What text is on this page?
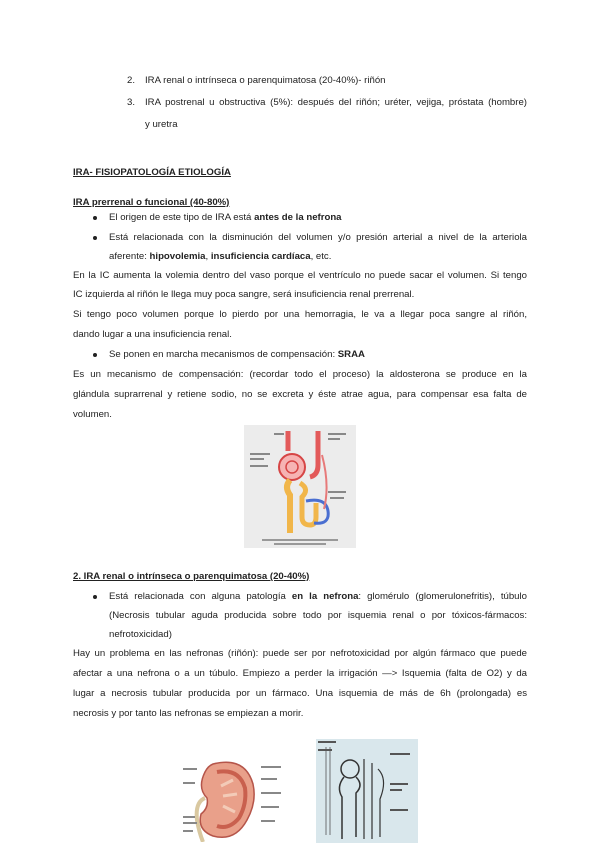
2. IRA renal o intrínseca o parenquimatosa (20-40%)- riñón
3. IRA postrenal u obstructiva (5%): después del riñón; uréter, vejiga, próstata (hombre)
y uretra
IRA- FISIOPATOLOGÍA ETIOLOGÍA
IRA prerrenal o funcional (40-80%)
El origen de este tipo de IRA está antes de la nefrona
Está relacionada con la disminución del volumen y/o presión arterial a nivel de la arteriola
aferente: hipovolemia, insuficiencia cardíaca, etc.
En la IC aumenta la volemia dentro del vaso porque el ventrículo no puede sacar el volumen. Si tengo
IC izquierda al riñón le llega muy poca sangre, será insuficiencia renal prerrenal.
Si tengo poco volumen porque lo pierdo por una hemorragia, le va a llegar poca sangre al riñón,
dando lugar a una insuficiencia renal.
Se ponen en marcha mecanismos de compensación: SRAA
Es un mecanismo de compensación: (recordar todo el proceso) la aldosterona se produce en la
glándula suprarrenal y retiene sodio, no se excreta y éste atrae agua, para compensar esa falta de
volumen.
2. IRA renal o intrínseca o parenquimatosa (20-40%)
Está relacionada con alguna patología en la nefrona: glomérulo (glomerulonefritis), túbulo
(Necrosis tubular aguda producida sobre todo por isquemia renal o por tóxicos-fármacos:
nefrotoxicidad)
Hay un problema en las nefronas (riñón): puede ser por nefrotoxicidad por algún fármaco que puede
afectar a una nefrona o a un túbulo. Empiezo a perder la irrigación —> Isquemia (falta de O2) y da
lugar a necrosis tubular producida por un fármaco. Una isquemia de más de 6h (prolongada) es
necrosis y por tanto las nefronas se empiezan a morir.
